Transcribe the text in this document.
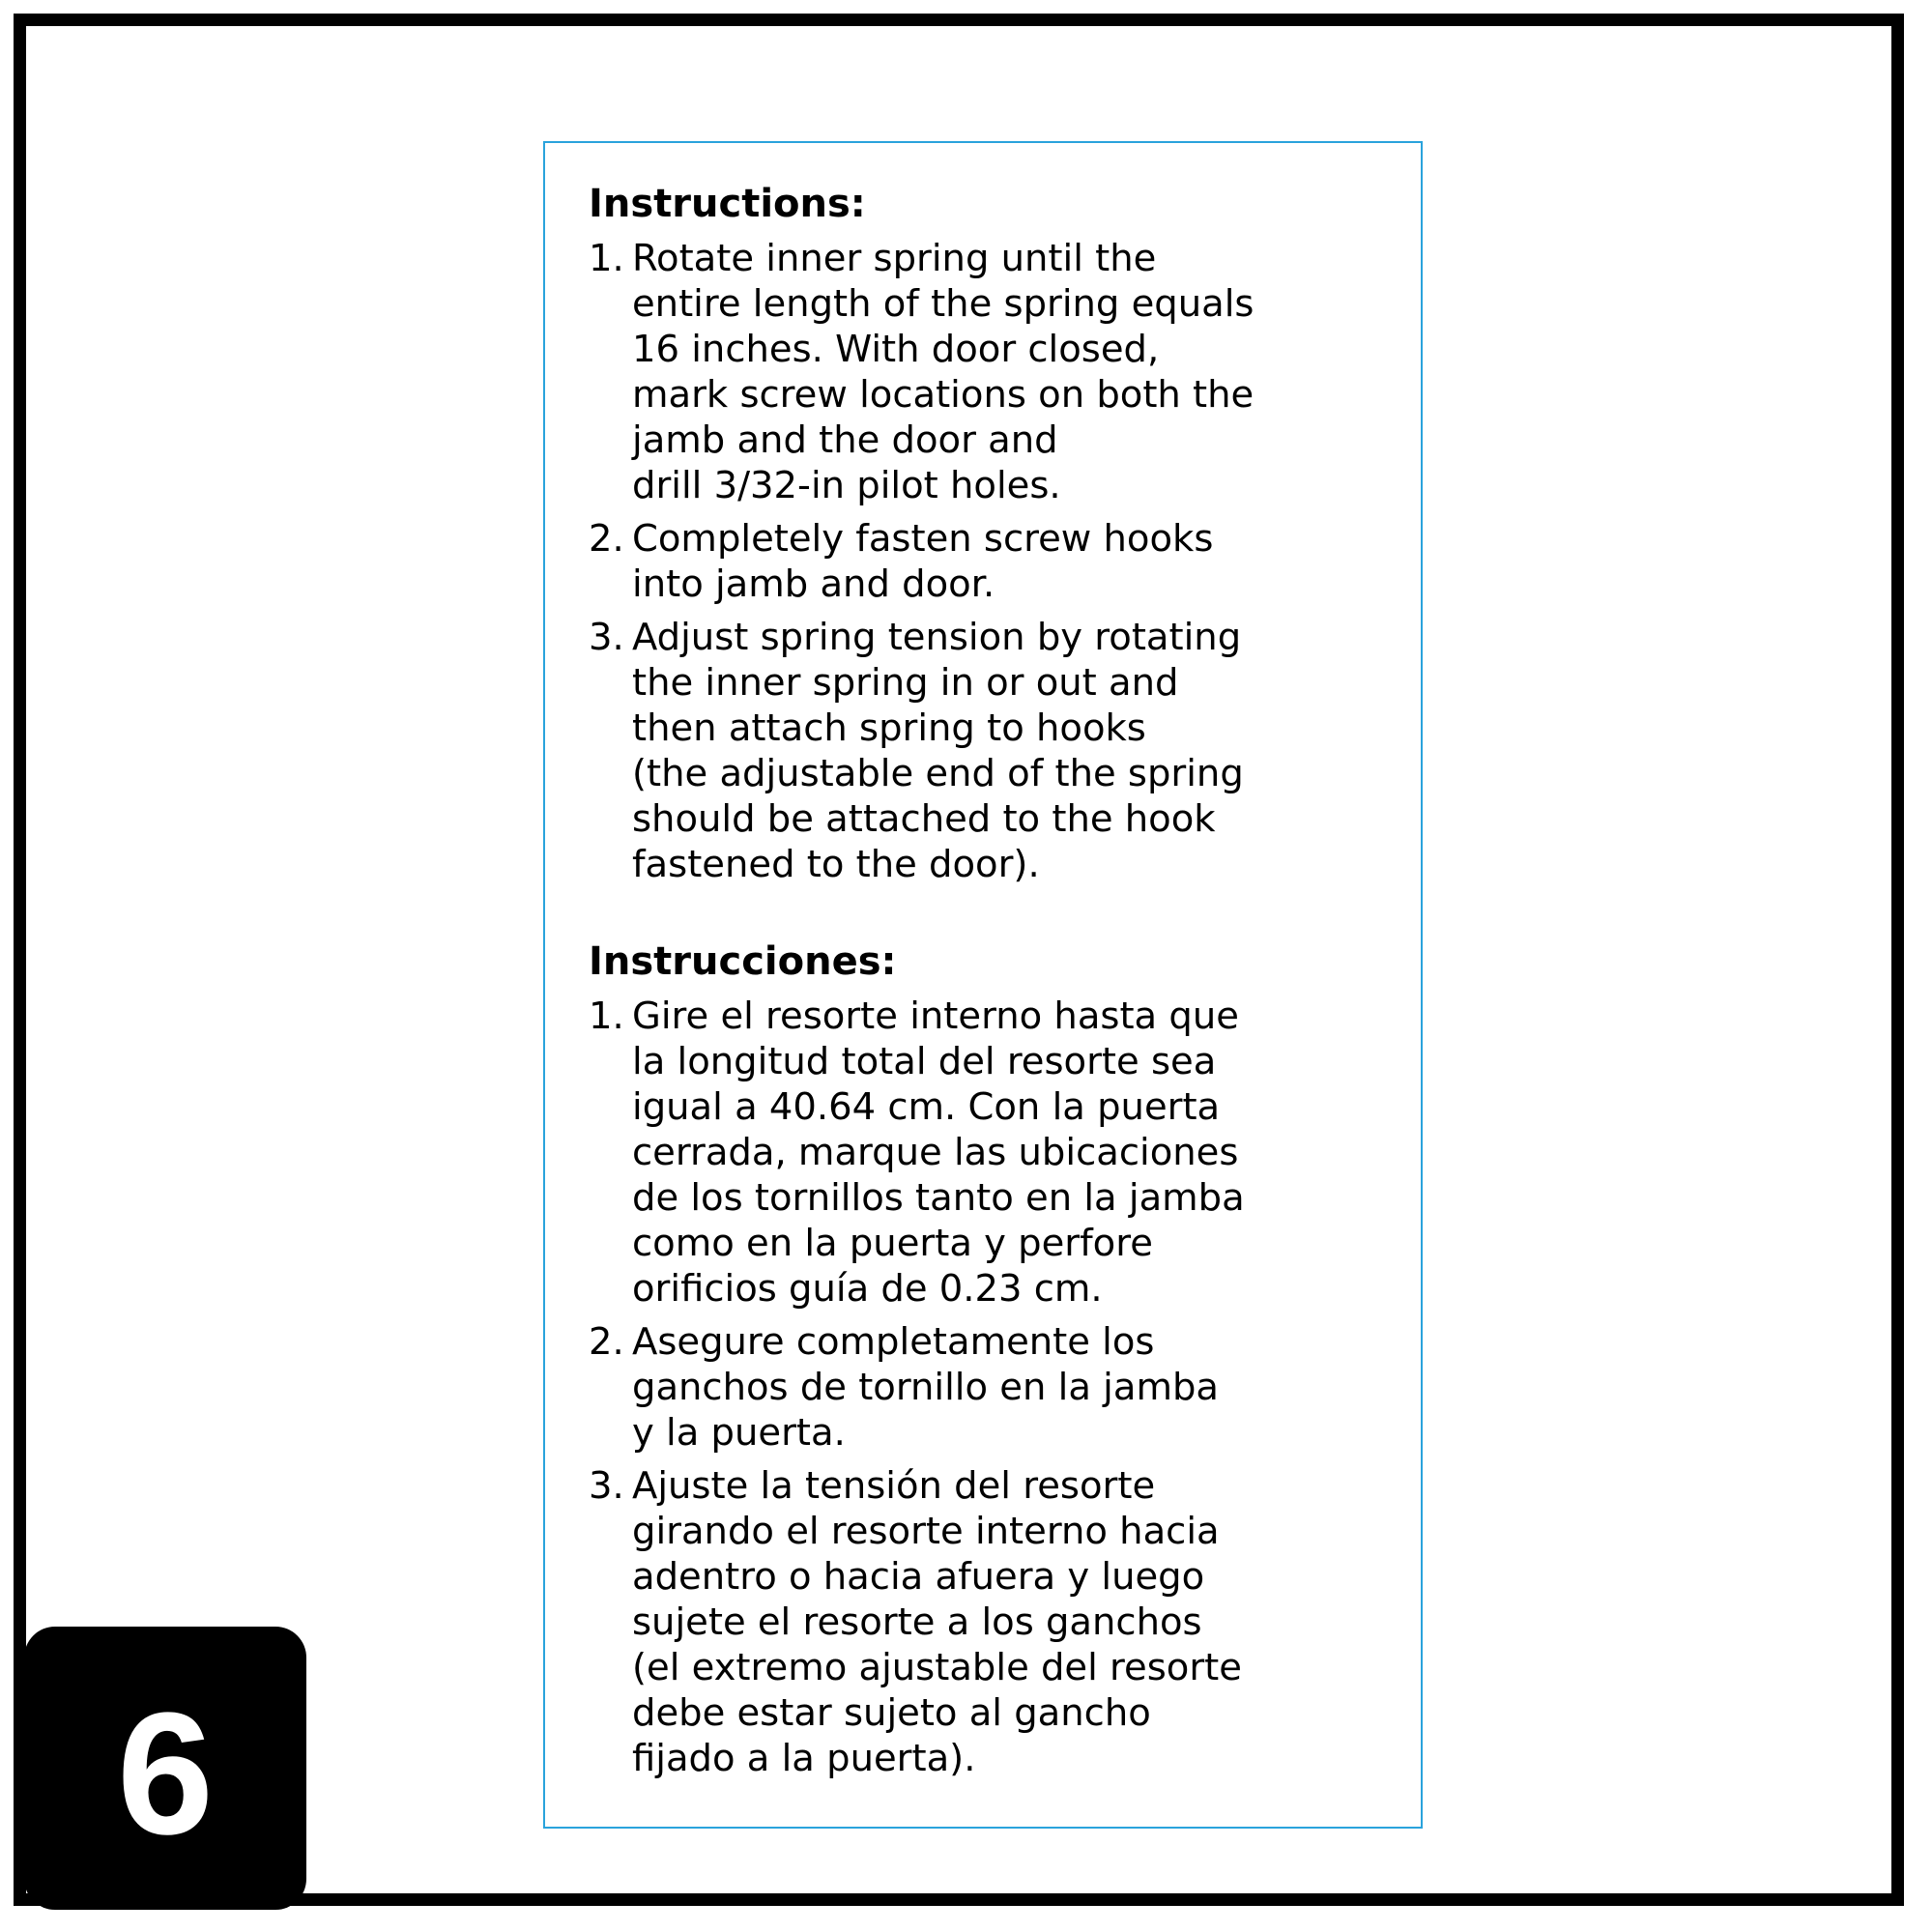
Instructions:
1. Rotate inner spring until the
entire length of the spring equals
16 inches. With door closed,
mark screw locations on both the
jamb and the door and
drill 3/32-in pilot holes.
2. Completely fasten screw hooks
into jamb and door.
3. Adjust spring tension by rotating
the inner spring in or out and
then attach spring to hooks
(the adjustable end of the spring
should be attached to the hook
fastened to the door).
Instrucciones:
1. Gire el resorte interno hasta que
la longitud total del resorte sea
igual a 40.64 cm. Con la puerta
cerrada, marque las ubicaciones
de los tornillos tanto en la jamba
como en la puerta y perfore
orificios guía de 0.23 cm.
2. Asegure completamente los
ganchos de tornillo en la jamba
y la puerta.
3. Ajuste la tensión del resorte
girando el resorte interno hacia
adentro o hacia afuera y luego
sujete el resorte a los ganchos
(el extremo ajustable del resorte
debe estar sujeto al gancho
fijado a la puerta).
6
